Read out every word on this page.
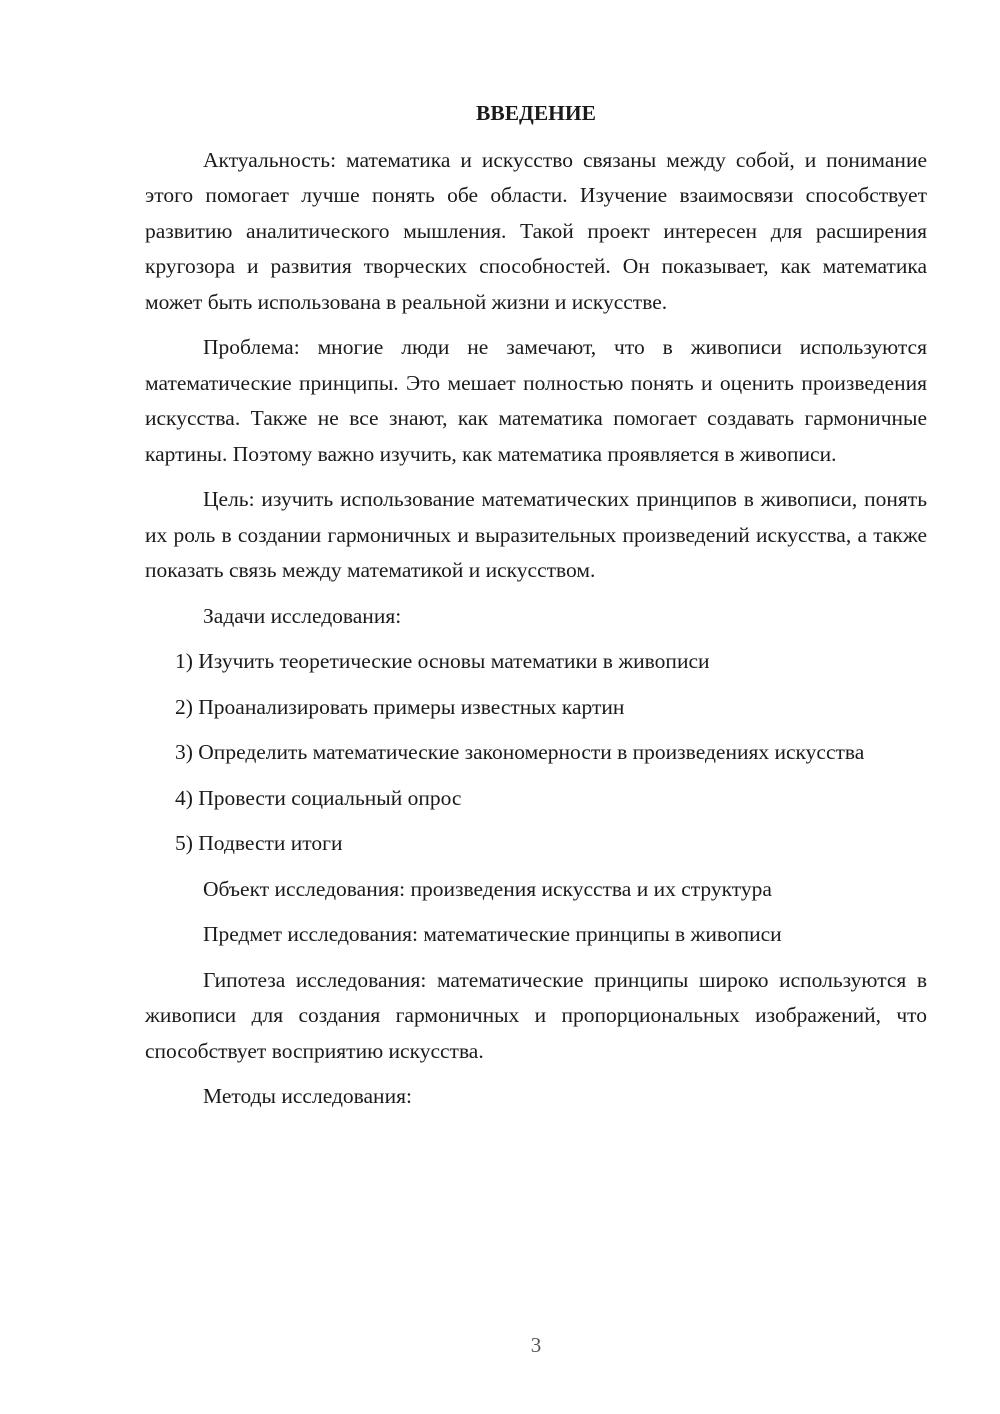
ВВЕДЕНИЕ

Актуальность: математика и искусство связаны между собой, и понимание этого помогает лучше понять обе области. Изучение взаимосвязи способствует развитию аналитического мышления. Такой проект интересен для расширения кругозора и развития творческих способностей. Он показывает, как математика может быть использована в реальной жизни и искусстве.

Проблема: многие люди не замечают, что в живописи используются математические принципы. Это мешает полностью понять и оценить произведения искусства. Также не все знают, как математика помогает создавать гармоничные картины. Поэтому важно изучить, как математика проявляется в живописи.

Цель: изучить использование математических принципов в живописи, понять их роль в создании гармоничных и выразительных произведений искусства, а также показать связь между математикой и искусством.

Задачи исследования:

1) Изучить теоретические основы математики в живописи

2) Проанализировать примеры известных картин

3) Определить математические закономерности в произведениях искусства

4) Провести социальный опрос

5) Подвести итоги

Объект исследования: произведения искусства и их структура

Предмет исследования: математические принципы в живописи

Гипотеза исследования: математические принципы широко используются в живописи для создания гармоничных и пропорциональных изображений, что способствует восприятию искусства.

Методы исследования:

3
